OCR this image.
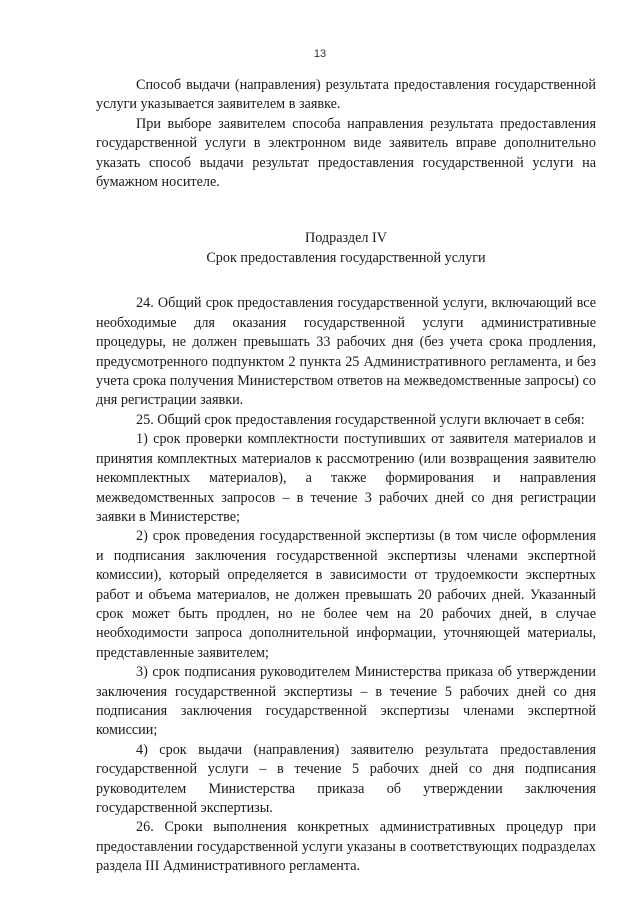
13

Способ выдачи (направления) результата предоставления государственной услуги указывается заявителем в заявке.

При выборе заявителем способа направления результата предоставления государственной услуги в электронном виде заявитель вправе дополнительно указать способ выдачи результат предоставления государственной услуги на бумажном носителе.

Подраздел IV

Срок предоставления государственной услуги

24. Общий срок предоставления государственной услуги, включающий все необходимые для оказания государственной услуги административные процедуры, не должен превышать 33 рабочих дня (без учета срока продления, предусмотренного подпунктом 2 пункта 25 Административного регламента, и без учета срока получения Министерством ответов на межведомственные запросы) со дня регистрации заявки.

25. Общий срок предоставления государственной услуги включает в себя:

1) срок проверки комплектности поступивших от заявителя материалов и принятия комплектных материалов к рассмотрению (или возвращения заявителю некомплектных материалов), а также формирования и направления межведомственных запросов – в течение 3 рабочих дней со дня регистрации заявки в Министерстве;

2) срок проведения государственной экспертизы (в том числе оформления и подписания заключения государственной экспертизы членами экспертной комиссии), который определяется в зависимости от трудоемкости экспертных работ и объема материалов, не должен превышать 20 рабочих дней. Указанный срок может быть продлен, но не более чем на 20 рабочих дней, в случае необходимости запроса дополнительной информации, уточняющей материалы, представленные заявителем;

3) срок подписания руководителем Министерства приказа об утверждении заключения государственной экспертизы – в течение 5 рабочих дней со дня подписания заключения государственной экспертизы членами экспертной комиссии;

4) срок выдачи (направления) заявителю результата предоставления государственной услуги – в течение 5 рабочих дней со дня подписания руководителем Министерства приказа об утверждении заключения государственной экспертизы.

26. Сроки выполнения конкретных административных процедур при предоставлении государственной услуги указаны в соответствующих подразделах раздела III Административного регламента.
